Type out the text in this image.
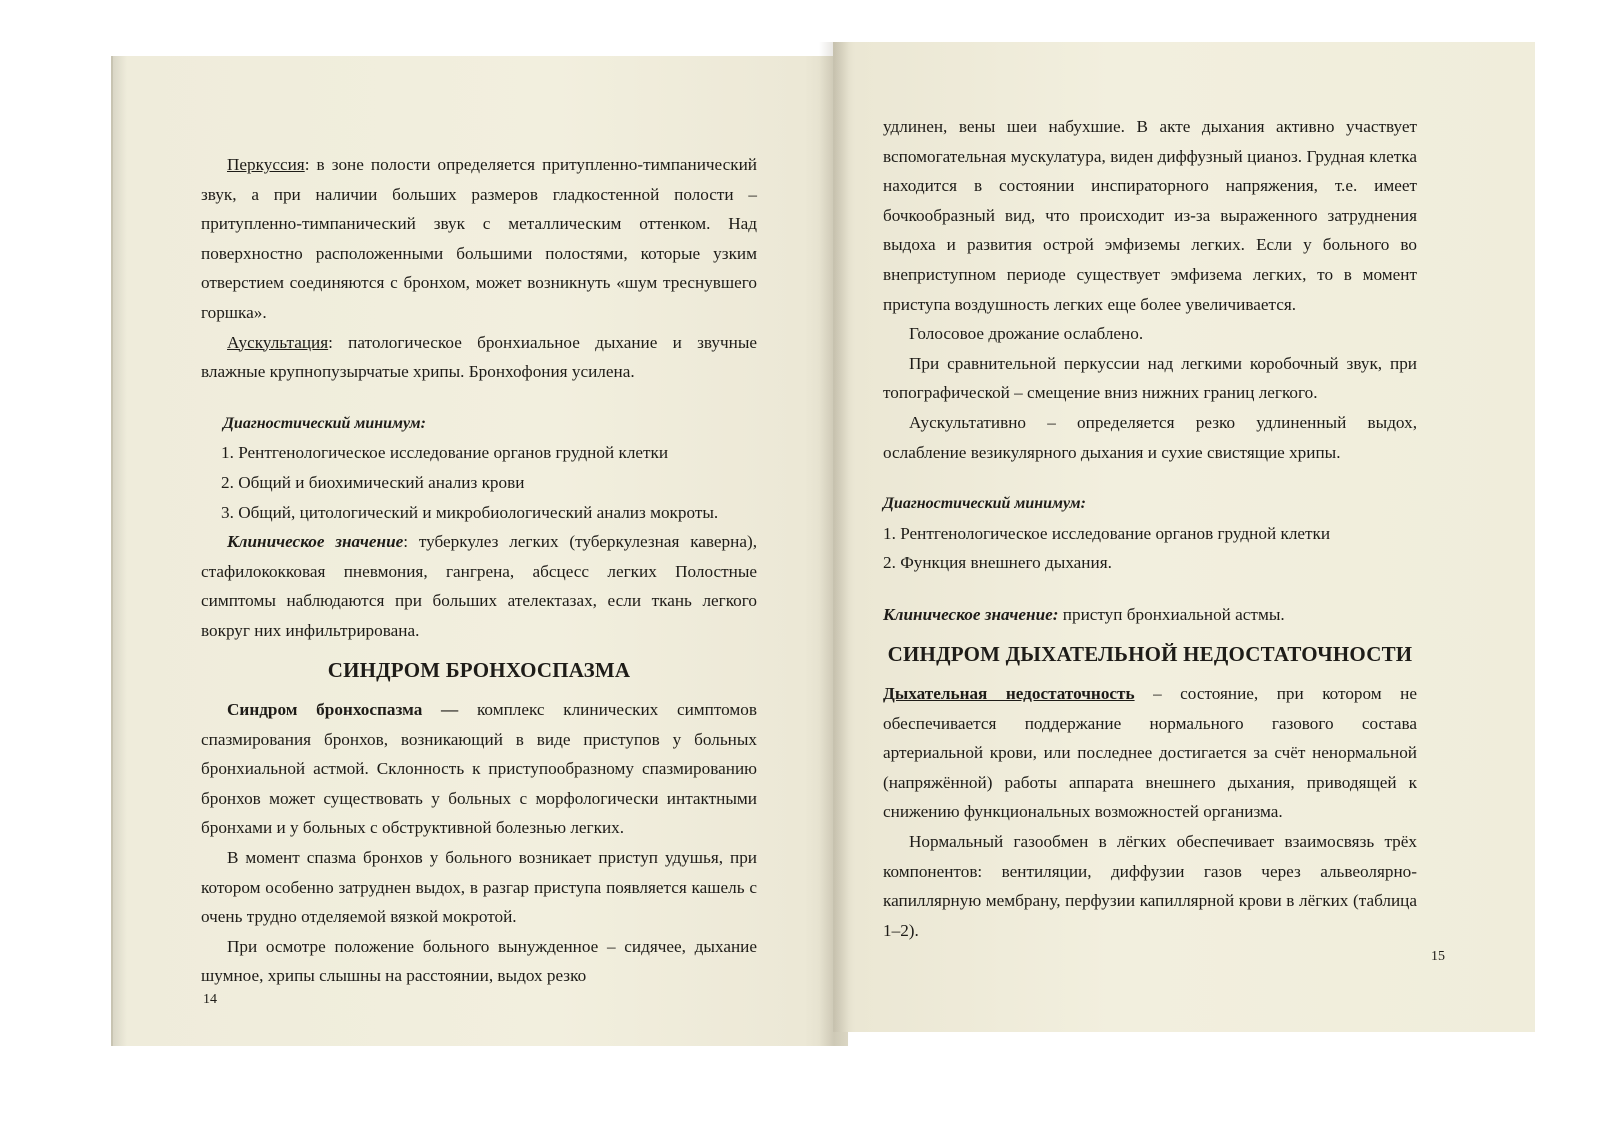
Перкуссия: в зоне полости определяется притупленно-тимпанический звук, а при наличии больших размеров гладкостенной полости – притупленно-тимпанический звук с металлическим оттенком. Над поверхностно расположенными большими полостями, которые узким отверстием соединяются с бронхом, может возникнуть «шум треснувшего горшка».

Аускультация: патологическое бронхиальное дыхание и звучные влажные крупнопузырчатые хрипы. Бронхофония усилена.

Диагностический минимум:

1. Рентгенологическое исследование органов грудной клетки

2. Общий и биохимический анализ крови

3. Общий, цитологический и микробиологический анализ мокроты.

Клиническое значение: туберкулез легких (туберкулезная каверна), стафилококковая пневмония, гангрена, абсцесс легких Полостные симптомы наблюдаются при больших ателектазах, если ткань легкого вокруг них инфильтрирована.

СИНДРОМ БРОНХОСПАЗМА

Синдром бронхоспазма — комплекс клинических симптомов спазмирования бронхов, возникающий в виде приступов у больных бронхиальной астмой. Склонность к приступообразному спазмированию бронхов может существовать у больных с морфологически интактными бронхами и у больных с обструктивной болезнью легких.

В момент спазма бронхов у больного возникает приступ удушья, при котором особенно затруднен выдох, в разгар приступа появляется кашель с очень трудно отделяемой вязкой мокротой.

При осмотре положение больного вынужденное – сидячее, дыхание шумное, хрипы слышны на расстоянии, выдох резко

14

удлинен, вены шеи набухшие. В акте дыхания активно участвует вспомогательная мускулатура, виден диффузный цианоз. Грудная клетка находится в состоянии инспираторного напряжения, т.е. имеет бочкообразный вид, что происходит из-за выраженного затруднения выдоха и развития острой эмфиземы легких. Если у больного во внеприступном периоде существует эмфизема легких, то в момент приступа воздушность легких еще более увеличивается.

Голосовое дрожание ослаблено.

При сравнительной перкуссии над легкими коробочный звук, при топографической – смещение вниз нижних границ легкого.

Аускультативно – определяется резко удлиненный выдох, ослабление везикулярного дыхания и сухие свистящие хрипы.

Диагностический минимум:

1. Рентгенологическое исследование органов грудной клетки

2. Функция внешнего дыхания.

Клиническое значение: приступ бронхиальной астмы.

СИНДРОМ ДЫХАТЕЛЬНОЙ НЕДОСТАТОЧНОСТИ

Дыхательная недостаточность – состояние, при котором не обеспечивается поддержание нормального газового состава артериальной крови, или последнее достигается за счёт ненормальной (напряжённой) работы аппарата внешнего дыхания, приводящей к снижению функциональных возможностей организма.

Нормальный газообмен в лёгких обеспечивает взаимосвязь трёх компонентов: вентиляции, диффузии газов через альвеолярно-капиллярную мембрану, перфузии капиллярной крови в лёгких (таблица 1–2).

15
